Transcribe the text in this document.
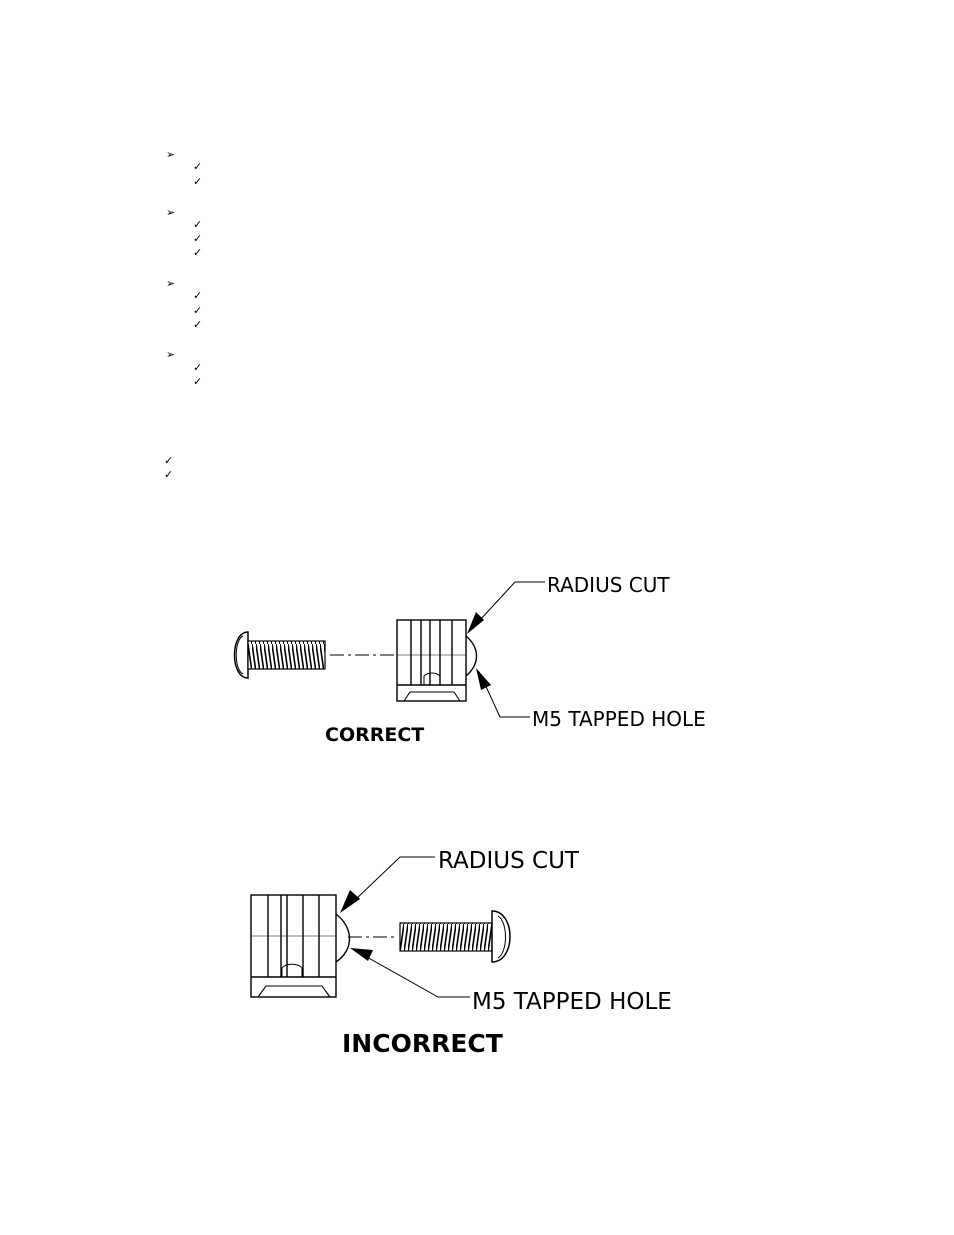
➢
✓
✓
➢
✓
✓
✓
➢
✓
✓
✓
➢
✓
✓
✓
✓
RADIUS CUT
M5 TAPPED HOLE
CORRECT
RADIUS CUT
M5 TAPPED HOLE
INCORRECT
